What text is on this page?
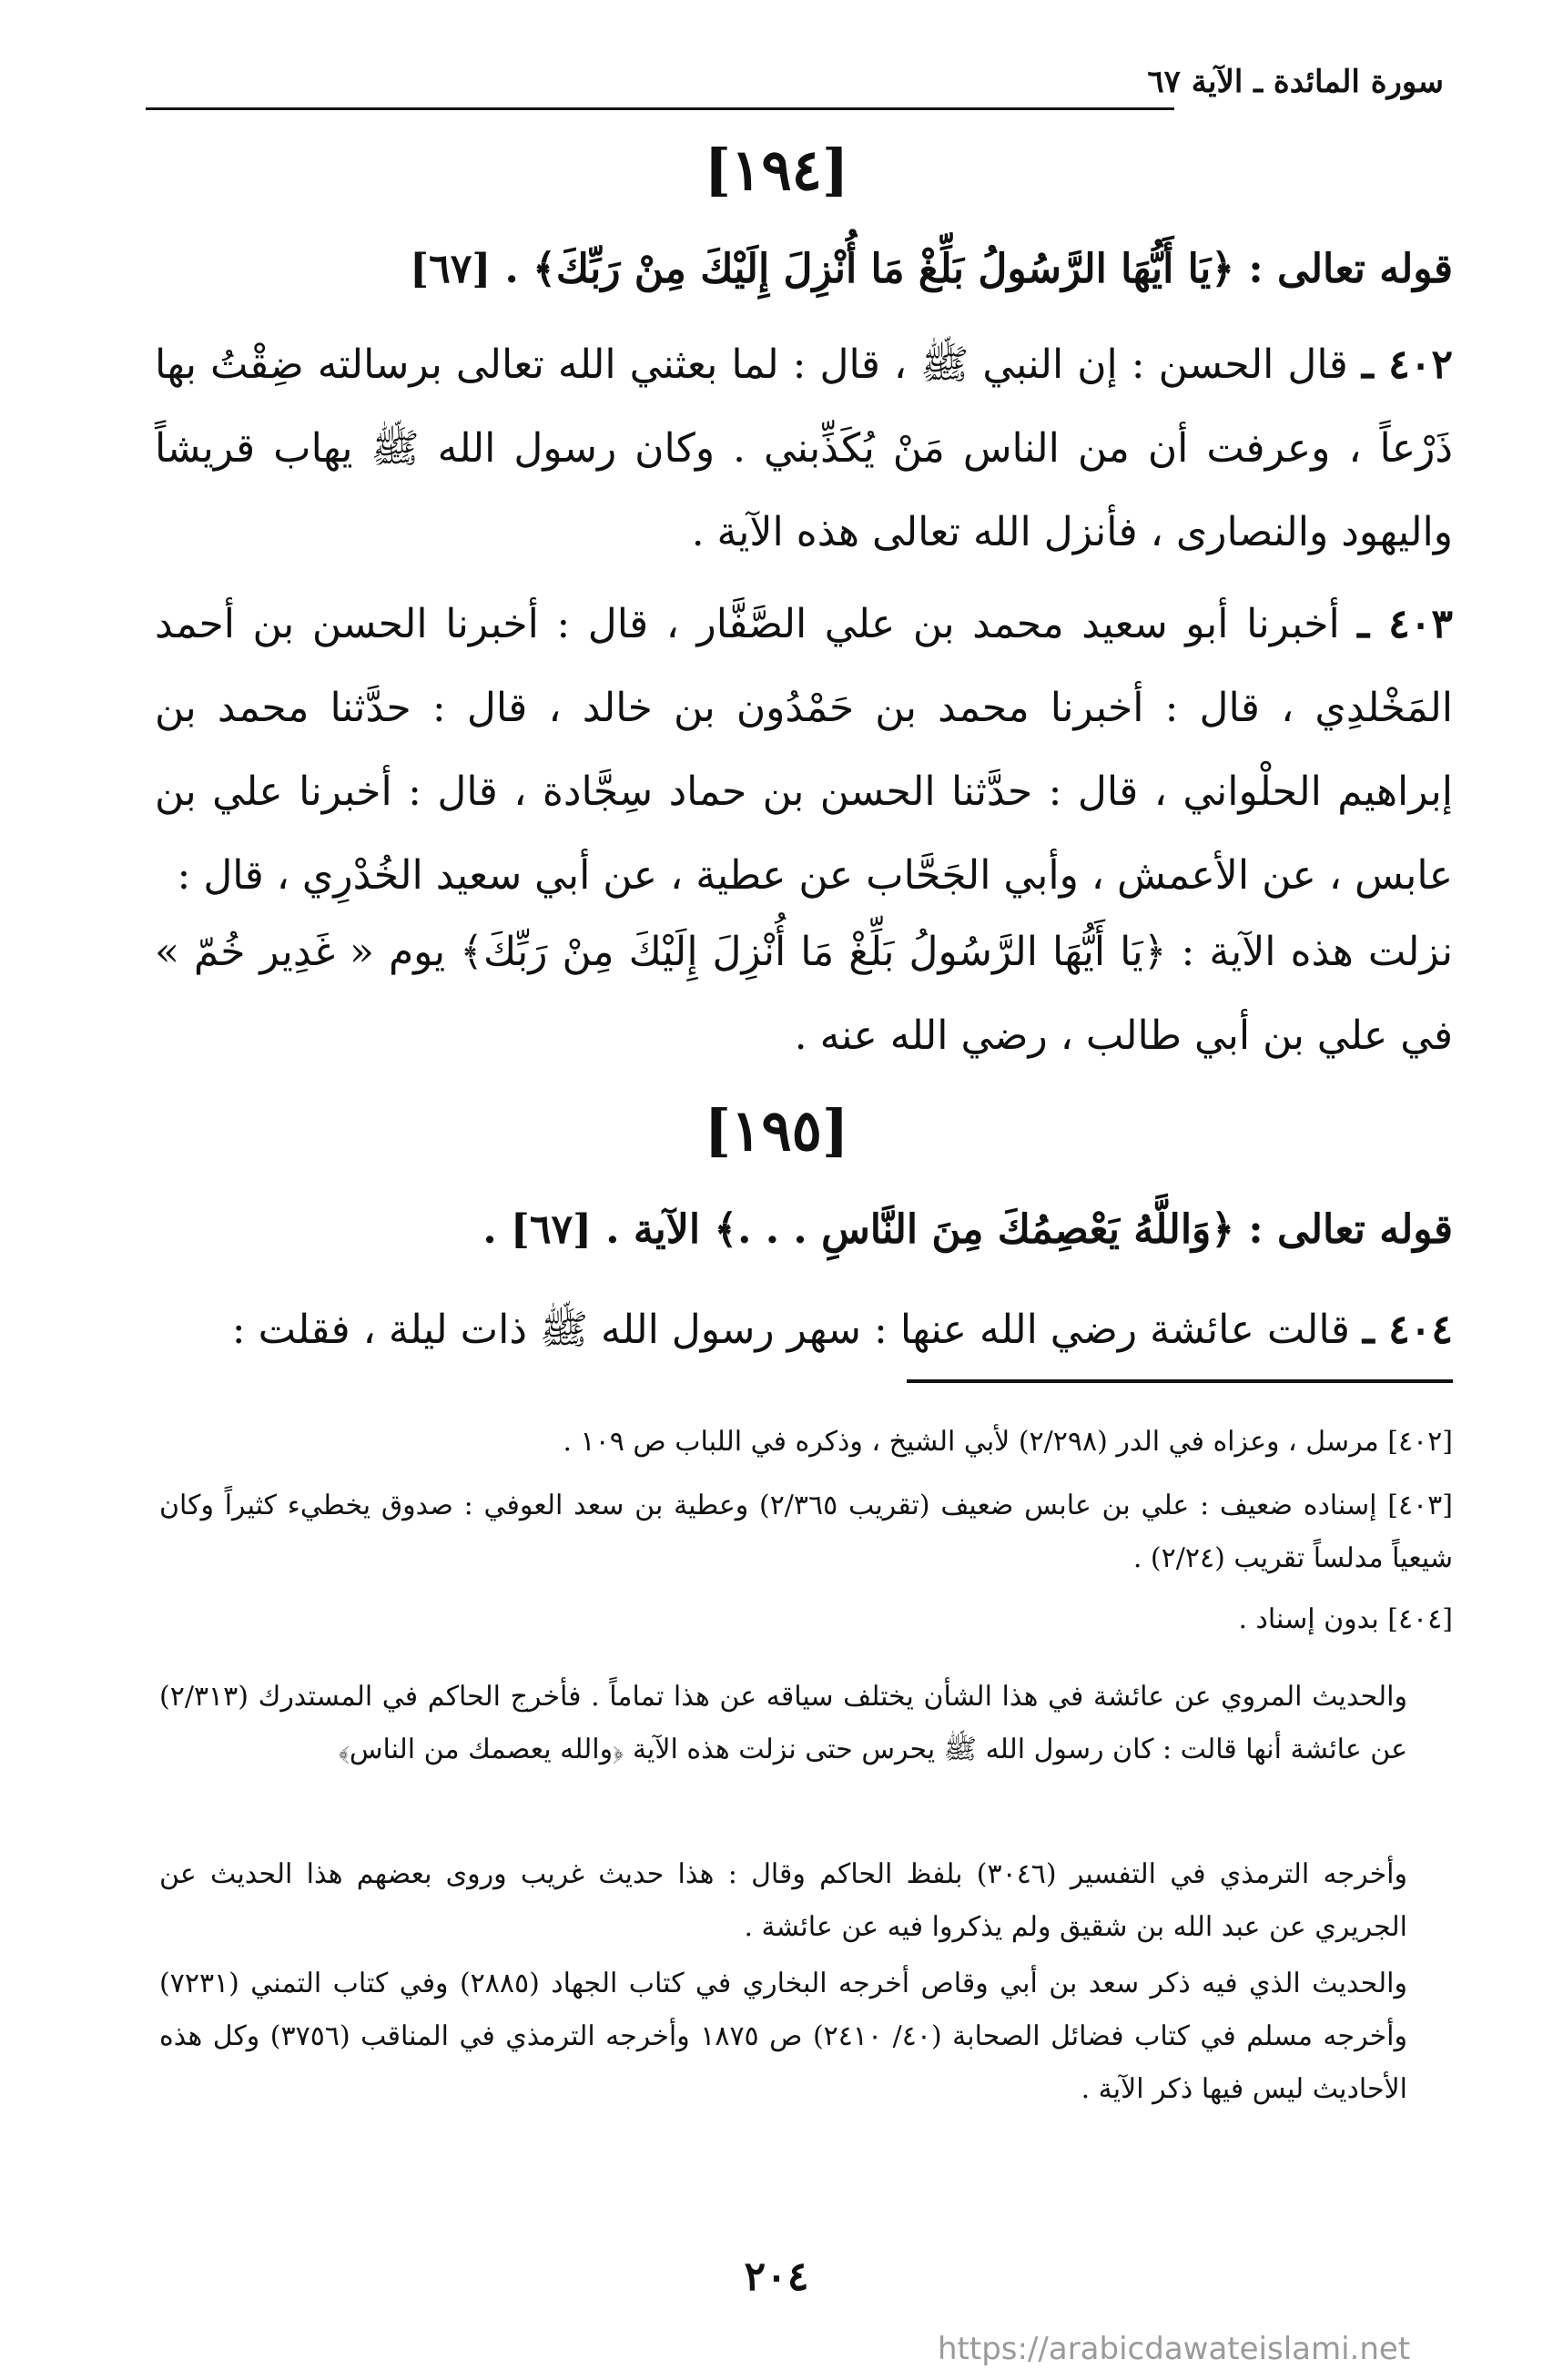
سورة المائدة ـ الآية ٦٧
[١٩٤]
قوله تعالى : ﴿يَا أَيُّهَا الرَّسُولُ بَلِّغْ مَا أُنْزِلَ إِلَيْكَ مِنْ رَبِّكَ﴾ . [٦٧]
٤٠٢ ـ قال الحسن : إن النبي ﷺ ، قال : لما بعثني الله تعالى برسالته ضِقْتُ بها ذَرْعاً ، وعرفت أن من الناس مَنْ يُكَذِّبني . وكان رسول الله ﷺ يهاب قريشاً واليهود والنصارى ، فأنزل الله تعالى هذه الآية .
٤٠٣ ـ أخبرنا أبو سعيد محمد بن علي الصَّفَّار ، قال : أخبرنا الحسن بن أحمد المَخْلدِي ، قال : أخبرنا محمد بن حَمْدُون بن خالد ، قال : حدَّثنا محمد بن إبراهيم الحلْواني ، قال : حدَّثنا الحسن بن حماد سِجَّادة ، قال : أخبرنا علي بن عابس ، عن الأعمش ، وأبي الجَحَّاب عن عطية ، عن أبي سعيد الخُدْرِي ، قال :
نزلت هذه الآية : ﴿يَا أَيُّهَا الرَّسُولُ بَلِّغْ مَا أُنْزِلَ إِلَيْكَ مِنْ رَبِّكَ﴾ يوم « غَدِير خُمّ » في علي بن أبي طالب ، رضي الله عنه .
[١٩٥]
قوله تعالى : ﴿وَاللَّهُ يَعْصِمُكَ مِنَ النَّاسِ . . .﴾ الآية . [٦٧] .
٤٠٤ ـ قالت عائشة رضي الله عنها : سهر رسول الله ﷺ ذات ليلة ، فقلت :
[٤٠٢] مرسل ، وعزاه في الدر (٢/٢٩٨) لأبي الشيخ ، وذكره في اللباب ص ١٠٩ .
[٤٠٣] إسناده ضعيف : علي بن عابس ضعيف (تقريب ٢/٣٦٥) وعطية بن سعد العوفي : صدوق يخطيء كثيراً وكان شيعياً مدلساً تقريب (٢/٢٤) .
[٤٠٤] بدون إسناد .
والحديث المروي عن عائشة في هذا الشأن يختلف سياقه عن هذا تماماً . فأخرج الحاكم في المستدرك (٢/٣١٣) عن عائشة أنها قالت : كان رسول الله ﷺ يحرس حتى نزلت هذه الآية ﴿والله يعصمك من الناس﴾
وأخرجه الترمذي في التفسير (٣٠٤٦) بلفظ الحاكم وقال : هذا حديث غريب وروى بعضهم هذا الحديث عن الجريري عن عبد الله بن شقيق ولم يذكروا فيه عن عائشة .
والحديث الذي فيه ذكر سعد بن أبي وقاص أخرجه البخاري في كتاب الجهاد (٢٨٨٥) وفي كتاب التمني (٧٢٣١) وأخرجه مسلم في كتاب فضائل الصحابة (٤٠/ ٢٤١٠) ص ١٨٧٥ وأخرجه الترمذي في المناقب (٣٧٥٦) وكل هذه الأحاديث ليس فيها ذكر الآية .
٢٠٤
https://arabicdawateislami.net
